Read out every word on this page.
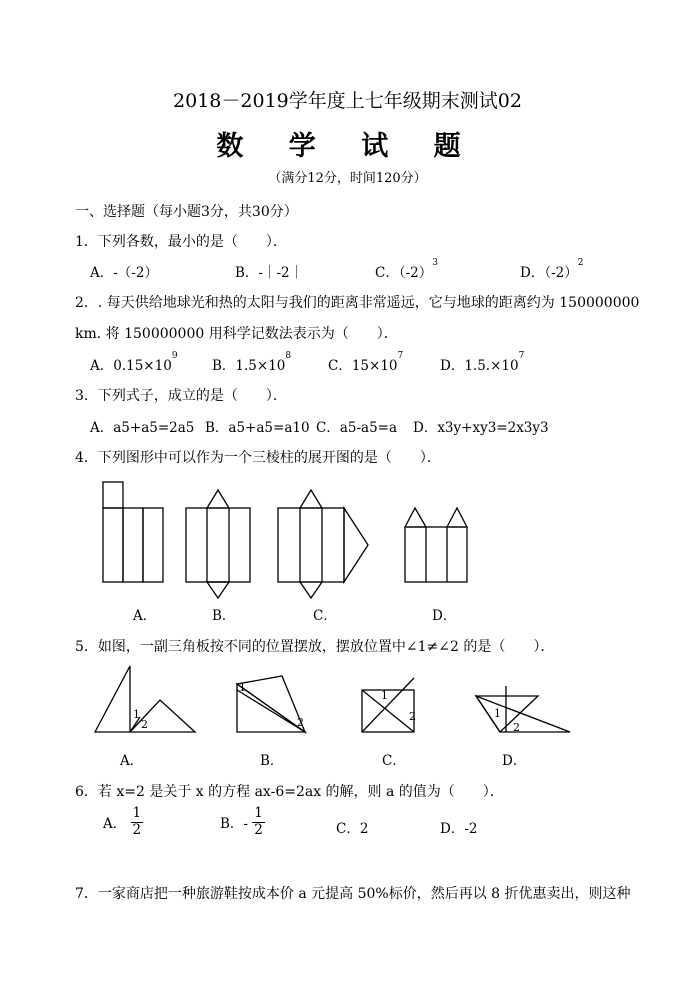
2018－2019学年度上七年级期末测试02
数 学 试 题
（满分12分，时间120分）
一、选择题（每小题3分，共30分）
1．下列各数，最小的是（　　）．
A．-（-2）	B．-｜-2｜	C．$(-2)^3$
D．$(-2)^2$
2．. 每天供给地球光和热的太阳与我们的距离非常遥远，它与地球的距离约为 150000000
km. 将 150000000 用科学记数法表示为（　　）．
A．$0.15\times 10^9$
B．$1.5\times 10^8$
C．$15\times 10^7$
D．$1.5.\times 10^7$
3．下列式子，成立的是（　　）．
A．a5+a5=2a5 B．a5+a5=a10 C．a5-a5=a D．x3y+xy3=2x3y3
4．下列图形中可以作为一个三棱柱的展开图的是（　　）．
A．	B．	C．	D．
5．如图，一副三角板按不同的位置摆放，摆放位置中∠1≠∠2 的是（　　）．
1
2
1
2
1
2	1
2
A．	B．	C．	D．
6．若 x=2 是关于 x 的方程 ax-6=2ax 的解，则 a 的值为（　　）．
A． $\frac{1}{2}$	B．- $\frac{1}{2}$	C．2	D．-2
7．一家商店把一种旅游鞋按成本价 a 元提高 50%标价，然后再以 8 折优惠卖出，则这种
